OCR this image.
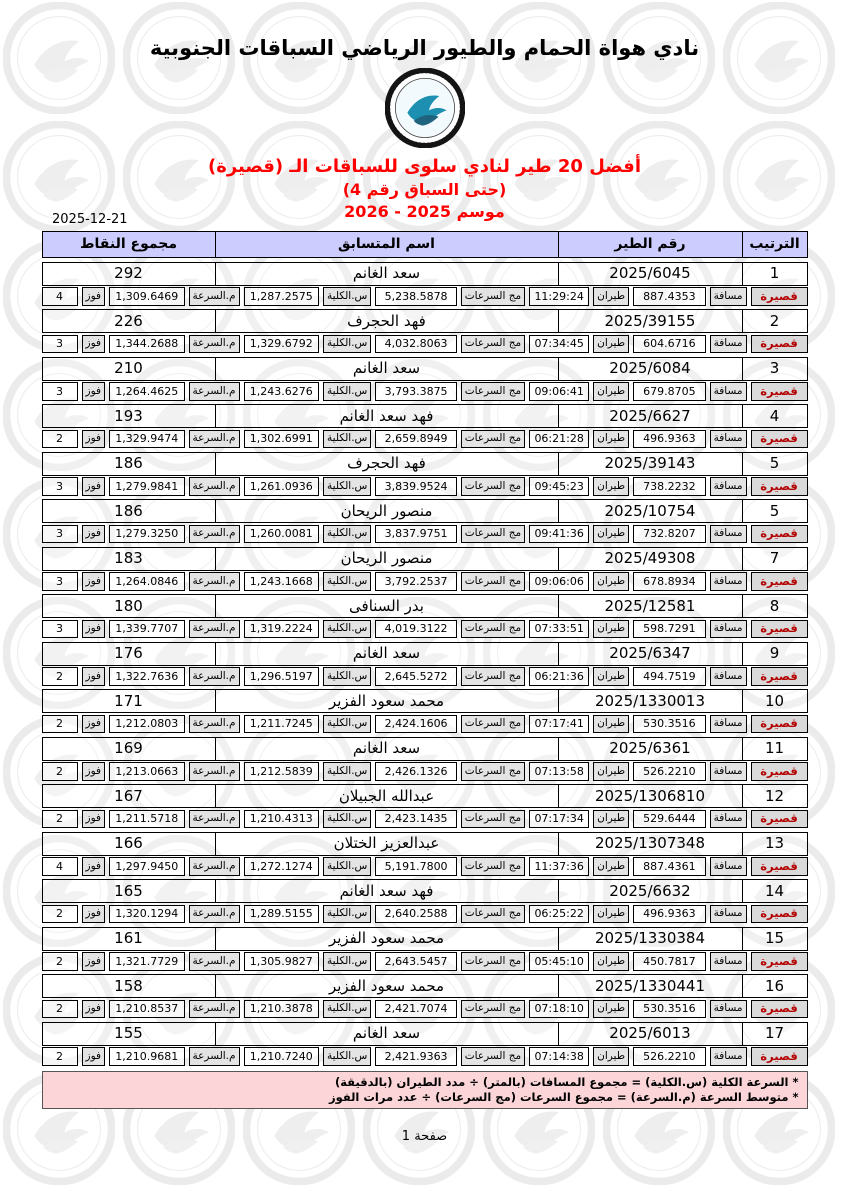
نادي هواة الحمام والطيور الرياضي السباقات الجنوبية
أفضل 20 طير لنادي سلوى للسباقات الـ (قصيرة)
(حتى السباق رقم 4)
موسم 2025 - 2026
2025-12-21
الترتيب
رقم الطير
اسم المتسابق
مجموع النقاط
1
2025/6045
سعد الغانم
292
قصيرة
مسافة
887.4353
طيران
11:29:24
مج السرعات
5,238.5878
س.الكلية
1,287.2575
م.السرعة
1,309.6469
فوز
4
2
2025/39155
فهد الحجرف
226
قصيرة
مسافة
604.6716
طيران
07:34:45
مج السرعات
4,032.8063
س.الكلية
1,329.6792
م.السرعة
1,344.2688
فوز
3
3
2025/6084
سعد الغانم
210
قصيرة
مسافة
679.8705
طيران
09:06:41
مج السرعات
3,793.3875
س.الكلية
1,243.6276
م.السرعة
1,264.4625
فوز
3
4
2025/6627
فهد سعد الغانم
193
قصيرة
مسافة
496.9363
طيران
06:21:28
مج السرعات
2,659.8949
س.الكلية
1,302.6991
م.السرعة
1,329.9474
فوز
2
5
2025/39143
فهد الحجرف
186
قصيرة
مسافة
738.2232
طيران
09:45:23
مج السرعات
3,839.9524
س.الكلية
1,261.0936
م.السرعة
1,279.9841
فوز
3
5
2025/10754
منصور الريحان
186
قصيرة
مسافة
732.8207
طيران
09:41:36
مج السرعات
3,837.9751
س.الكلية
1,260.0081
م.السرعة
1,279.3250
فوز
3
7
2025/49308
منصور الريحان
183
قصيرة
مسافة
678.8934
طيران
09:06:06
مج السرعات
3,792.2537
س.الكلية
1,243.1668
م.السرعة
1,264.0846
فوز
3
8
2025/12581
بدر السنافى
180
قصيرة
مسافة
598.7291
طيران
07:33:51
مج السرعات
4,019.3122
س.الكلية
1,319.2224
م.السرعة
1,339.7707
فوز
3
9
2025/6347
سعد الغانم
176
قصيرة
مسافة
494.7519
طيران
06:21:36
مج السرعات
2,645.5272
س.الكلية
1,296.5197
م.السرعة
1,322.7636
فوز
2
10
2025/1330013
محمد سعود الفزير
171
قصيرة
مسافة
530.3516
طيران
07:17:41
مج السرعات
2,424.1606
س.الكلية
1,211.7245
م.السرعة
1,212.0803
فوز
2
11
2025/6361
سعد الغانم
169
قصيرة
مسافة
526.2210
طيران
07:13:58
مج السرعات
2,426.1326
س.الكلية
1,212.5839
م.السرعة
1,213.0663
فوز
2
12
2025/1306810
عبدالله الجبيلان
167
قصيرة
مسافة
529.6444
طيران
07:17:34
مج السرعات
2,423.1435
س.الكلية
1,210.4313
م.السرعة
1,211.5718
فوز
2
13
2025/1307348
عبدالعزيز الختلان
166
قصيرة
مسافة
887.4361
طيران
11:37:36
مج السرعات
5,191.7800
س.الكلية
1,272.1274
م.السرعة
1,297.9450
فوز
4
14
2025/6632
فهد سعد الغانم
165
قصيرة
مسافة
496.9363
طيران
06:25:22
مج السرعات
2,640.2588
س.الكلية
1,289.5155
م.السرعة
1,320.1294
فوز
2
15
2025/1330384
محمد سعود الفزير
161
قصيرة
مسافة
450.7817
طيران
05:45:10
مج السرعات
2,643.5457
س.الكلية
1,305.9827
م.السرعة
1,321.7729
فوز
2
16
2025/1330441
محمد سعود الفزير
158
قصيرة
مسافة
530.3516
طيران
07:18:10
مج السرعات
2,421.7074
س.الكلية
1,210.3878
م.السرعة
1,210.8537
فوز
2
17
2025/6013
سعد الغانم
155
قصيرة
مسافة
526.2210
طيران
07:14:38
مج السرعات
2,421.9363
س.الكلية
1,210.7240
م.السرعة
1,210.9681
فوز
2
* السرعة الكلية (س.الكلية) = مجموع المسافات (بالمتر) ÷ مدد الطيران (بالدقيقة)
* متوسط السرعة (م.السرعة) = مجموع السرعات (مج السرعات) ÷ عدد مرات الفوز
صفحة 1
